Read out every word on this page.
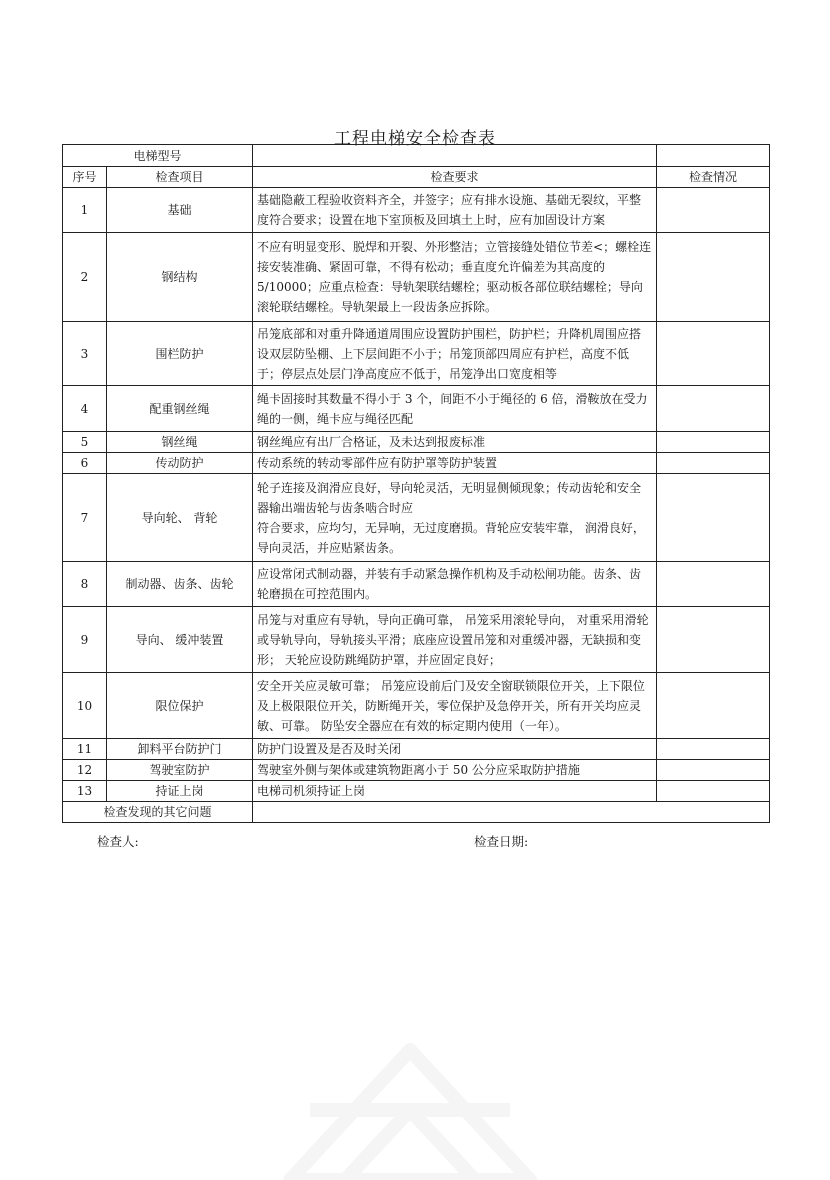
工程电梯安全检查表
电梯型号			
序号	检查项目	检查要求	检查情况
1	基础	基础隐蔽工程验收资料齐全，并签字；应有排水设施、基础无裂纹，平整度符合要求；设置在地下室顶板及回填土上时，应有加固设计方案	

2	钢结构	不应有明显变形、脱焊和开裂、外形整洁；立管接缝处错位节差<；螺栓连接安装准确、紧固可靠，不得有松动；垂直度允许偏差为其高度的5/10000；应重点检查：导轨架联结螺栓；驱动板各部位联结螺栓；导向滚轮联结螺栓。导轨架最上一段齿条应拆除。	

3	围栏防护	吊笼底部和对重升降通道周围应设置防护围栏，防护栏；升降机周围应搭设双层防坠棚、上下层间距不小于；吊笼顶部四周应有护栏，高度不低于；停层点处层门净高度应不低于，吊笼净出口宽度相等	

4	配重钢丝绳	绳卡固接时其数量不得小于 3 个，间距不小于绳径的 6 倍，滑鞍放在受力绳的一侧，绳卡应与绳径匹配	

5	钢丝绳	钢丝绳应有出厂合格证，及未达到报废标准	

6	传动防护	传动系统的转动零部件应有防护罩等防护装置	

7	导向轮、 背轮	轮子连接及润滑应良好，导向轮灵活，无明显侧倾现象；传动齿轮和安全器输出端齿轮与齿条啮合时应
符合要求，应均匀，无异响，无过度磨损。背轮应安装牢靠， 润滑良好，导向灵活，并应贴紧齿条。	

8	制动器、齿条、齿轮	应设常闭式制动器，并装有手动紧急操作机构及手动松闸功能。齿条、齿轮磨损在可控范围内。	

9	导向、 缓冲装置	吊笼与对重应有导轨，导向正确可靠， 吊笼采用滚轮导向， 对重采用滑轮或导轨导向，导轨接头平滑；底座应设置吊笼和对重缓冲器，无缺损和变形； 天轮应设防跳绳防护罩，并应固定良好；	

10	限位保护	安全开关应灵敏可靠； 吊笼应设前后门及安全窗联锁限位开关，上下限位及上极限限位开关，防断绳开关，零位保护及急停开关，所有开关均应灵敏、可靠。 防坠安全器应在有效的标定期内使用（一年）。	

11	卸料平台防护门	防护门设置及是否及时关闭	

12	驾驶室防护	驾驶室外侧与架体或建筑物距离小于 50 公分应采取防护措施	

13	持证上岗	电梯司机须持证上岗	

检查发现的其它问题			
检查人:	检查日期:
